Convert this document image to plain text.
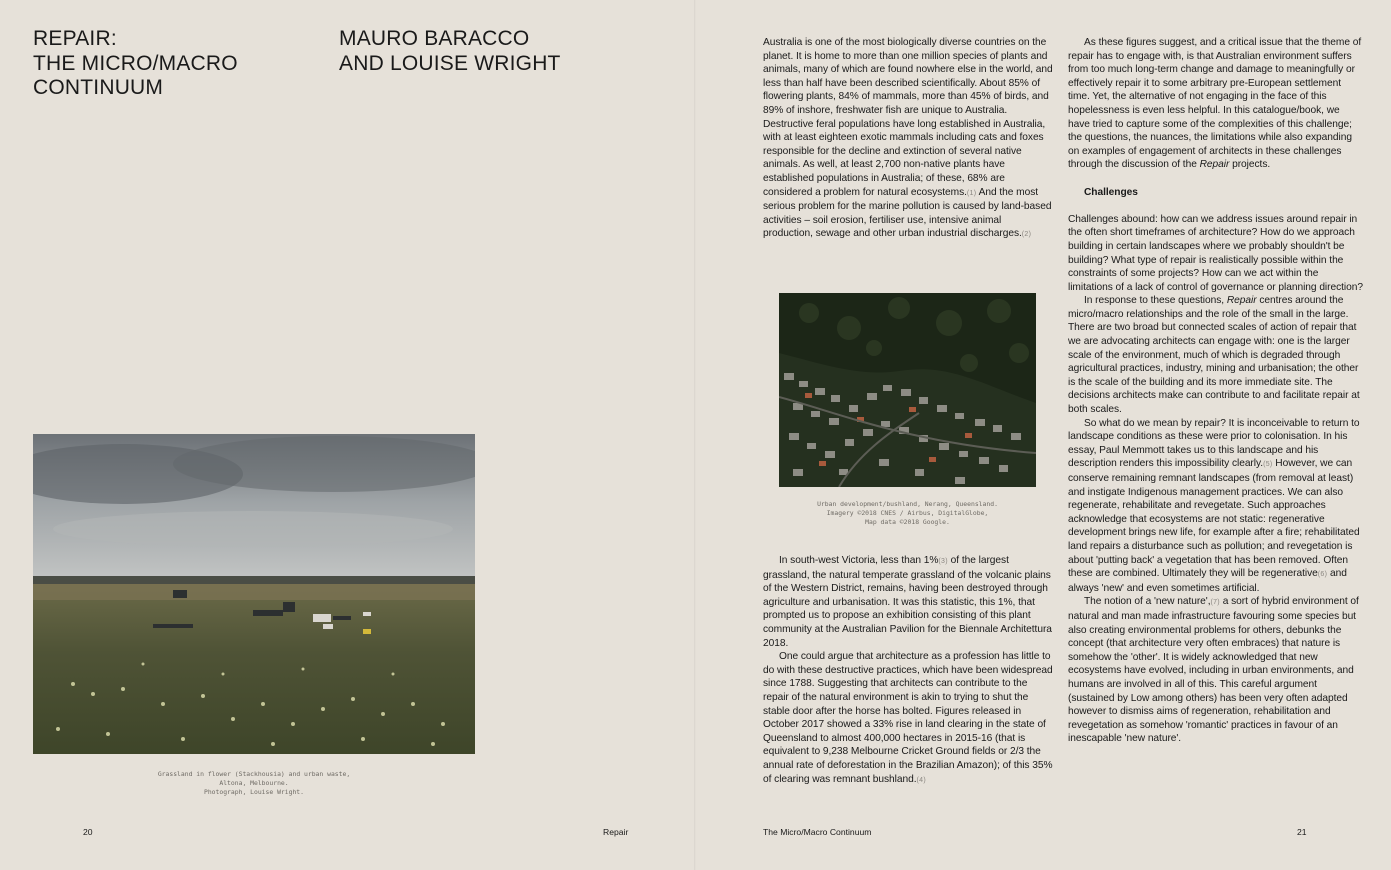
REPAIR:
THE MICRO/MACRO
CONTINUUM
MAURO BARACCO
AND LOUISE WRIGHT
Grassland in flower (Stackhousia) and urban waste,
Altona, Melbourne.
Photograph, Louise Wright.
20	Repair

Australia is one of the most biologically diverse countries on the planet. It is home to more than one million species of plants and animals, many of which are found nowhere else in the world, and less than half have been described scientifically. About 85% of flowering plants, 84% of mammals, more than 45% of birds, and 89% of inshore, freshwater fish are unique to Australia. Destructive feral populations have long established in Australia, with at least eighteen exotic mammals including cats and foxes responsible for the decline and extinction of several native animals. As well, at least 2,700 non-native plants have established populations in Australia; of these, 68% are considered a problem for natural ecosystems.(1) And the most serious problem for the marine pollution is caused by land-based activities – soil erosion, fertiliser use, intensive animal production, sewage and other urban industrial discharges.(2)

Urban development/bushland, Nerang, Queensland.
Imagery ©2018 CNES / Airbus, DigitalGlobe,
Map data ©2018 Google.

In south-west Victoria, less than 1%(3) of the largest grassland, the natural temperate grassland of the volcanic plains of the Western District, remains, having been destroyed through agriculture and urbanisation. It was this statistic, this 1%, that prompted us to propose an exhibition consisting of this plant community at the Australian Pavilion for the Biennale Architettura 2018.

One could argue that architecture as a profession has little to do with these destructive practices, which have been widespread since 1788. Suggesting that architects can contribute to the repair of the natural environment is akin to trying to shut the stable door after the horse has bolted. Figures released in October 2017 showed a 33% rise in land clearing in the state of Queensland to almost 400,000 hectares in 2015-16 (that is equivalent to 9,238 Melbourne Cricket Ground fields or 2/3 the annual rate of deforestation in the Brazilian Amazon); of this 35% of clearing was remnant bushland.(4)

As these figures suggest, and a critical issue that the theme of repair has to engage with, is that Australian environment suffers from too much long-term change and damage to meaningfully or effectively repair it to some arbitrary pre-European settlement time. Yet, the alternative of not engaging in the face of this hopelessness is even less helpful. In this catalogue/book, we have tried to capture some of the complexities of this challenge; the questions, the nuances, the limitations while also expanding on examples of engagement of architects in these challenges through the discussion of the Repair projects.

Challenges

Challenges abound: how can we address issues around repair in the often short timeframes of architecture? How do we approach building in certain landscapes where we probably shouldn't be building? What type of repair is realistically possible within the constraints of some projects? How can we act within the limitations of a lack of control of governance or planning direction?

In response to these questions, Repair centres around the micro/macro relationships and the role of the small in the large. There are two broad but connected scales of action of repair that we are advocating architects can engage with: one is the larger scale of the environment, much of which is degraded through agricultural practices, industry, mining and urbanisation; the other is the scale of the building and its more immediate site. The decisions architects make can contribute to and facilitate repair at both scales.

So what do we mean by repair? It is inconceivable to return to landscape conditions as these were prior to colonisation. In his essay, Paul Memmott takes us to this landscape and his description renders this impossibility clearly.(5) However, we can conserve remaining remnant landscapes (from removal at least) and instigate Indigenous management practices. We can also regenerate, rehabilitate and revegetate. Such approaches acknowledge that ecosystems are not static: regenerative development brings new life, for example after a fire; rehabilitated land repairs a disturbance such as pollution; and revegetation is about 'putting back' a vegetation that has been removed. Often these are combined. Ultimately they will be regenerative(6) and always 'new' and even sometimes artificial.

The notion of a 'new nature',(7) a sort of hybrid environment of natural and man made infrastructure favouring some species but also creating environmental problems for others, debunks the concept (that architecture very often embraces) that nature is somehow the 'other'. It is widely acknowledged that new ecosystems have evolved, including in urban environments, and humans are involved in all of this. This careful argument (sustained by Low among others) has been very often adapted however to dismiss aims of regeneration, rehabilitation and revegetation as somehow 'romantic' practices in favour of an inescapable 'new nature'.

The Micro/Macro Continuum	21
